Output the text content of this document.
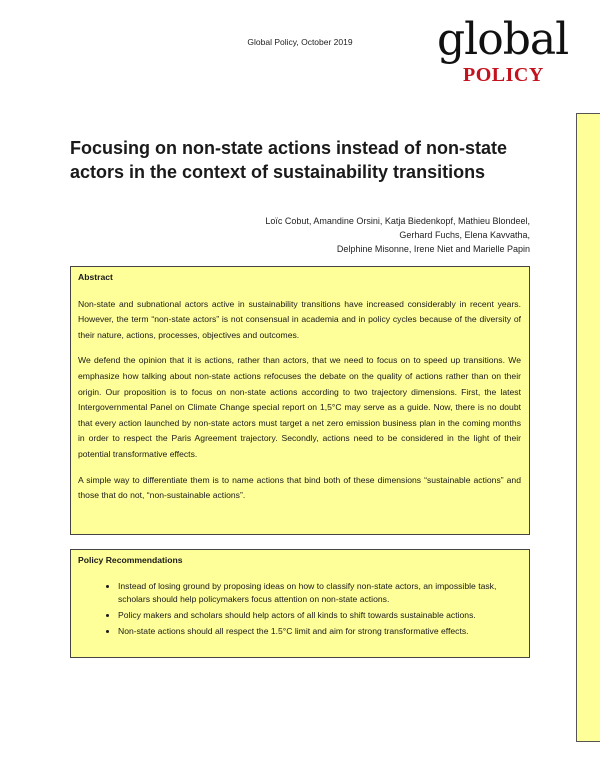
Global Policy, October 2019	global
POLICY
Focusing on non-state actions instead of non-state actors in the context of sustainability transitions
Loïc Cobut, Amandine Orsini, Katja Biedenkopf, Mathieu Blondeel, Gerhard Fuchs, Elena Kavvatha,
Delphine Misonne, Irene Niet and Marielle Papin
Abstract

Non-state and subnational actors active in sustainability transitions have increased considerably in recent years. However, the term “non-state actors” is not consensual in academia and in policy cycles because of the diversity of their nature, actions, processes, objectives and outcomes.

We defend the opinion that it is actions, rather than actors, that we need to focus on to speed up transitions. We emphasize how talking about non-state actions refocuses the debate on the quality of actions rather than on their origin. Our proposition is to focus on non-state actions according to two trajectory dimensions. First, the latest Intergovernmental Panel on Climate Change special report on 1,5°C may serve as a guide. Now, there is no doubt that every action launched by non-state actors must target a net zero emission business plan in the coming months in order to respect the Paris Agreement trajectory. Secondly, actions need to be considered in the light of their potential transformative effects.

A simple way to differentiate them is to name actions that bind both of these dimensions “sustainable actions” and those that do not, “non-sustainable actions”.

Policy Recommendations
• Instead of losing ground by proposing ideas on how to classify non-state actors, an impossible task, scholars should help policymakers focus attention on non-state actions.
• Policy makers and scholars should help actors of all kinds to shift towards sustainable actions.
• Non-state actions should all respect the 1.5°C limit and aim for strong transformative effects.
